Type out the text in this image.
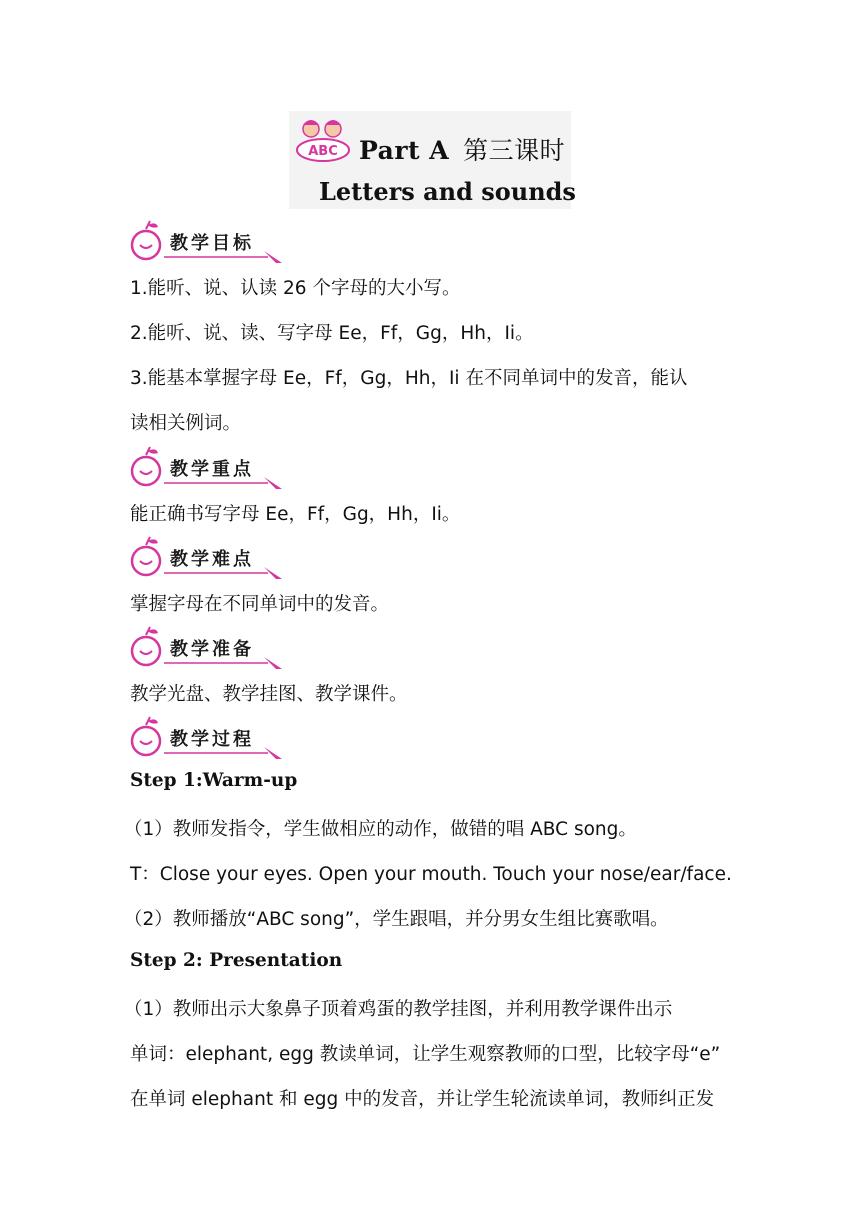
ABC Part A 第三课时
Letters and sounds
教学目标
1.能听、说、认读 26 个字母的大小写。
2.能听、说、读、写字母 Ee，Ff，Gg，Hh，Ii。
3.能基本掌握字母 Ee，Ff，Gg，Hh，Ii 在不同单词中的发音，能认
读相关例词。
教学重点
能正确书写字母 Ee，Ff，Gg，Hh，Ii。
教学难点
掌握字母在不同单词中的发音。
教学准备
教学光盘、教学挂图、教学课件。
教学过程
Step 1:Warm-up
（1）教师发指令，学生做相应的动作，做错的唱 ABC song。
T：Close your eyes. Open your mouth. Touch your nose/ear/face.
（2）教师播放“ABC song”，学生跟唱，并分男女生组比赛歌唱。
Step 2: Presentation
（1）教师出示大象鼻子顶着鸡蛋的教学挂图，并利用教学课件出示
单词：elephant, egg 教读单词，让学生观察教师的口型，比较字母“e”
在单词 elephant 和 egg 中的发音，并让学生轮流读单词，教师纠正发
